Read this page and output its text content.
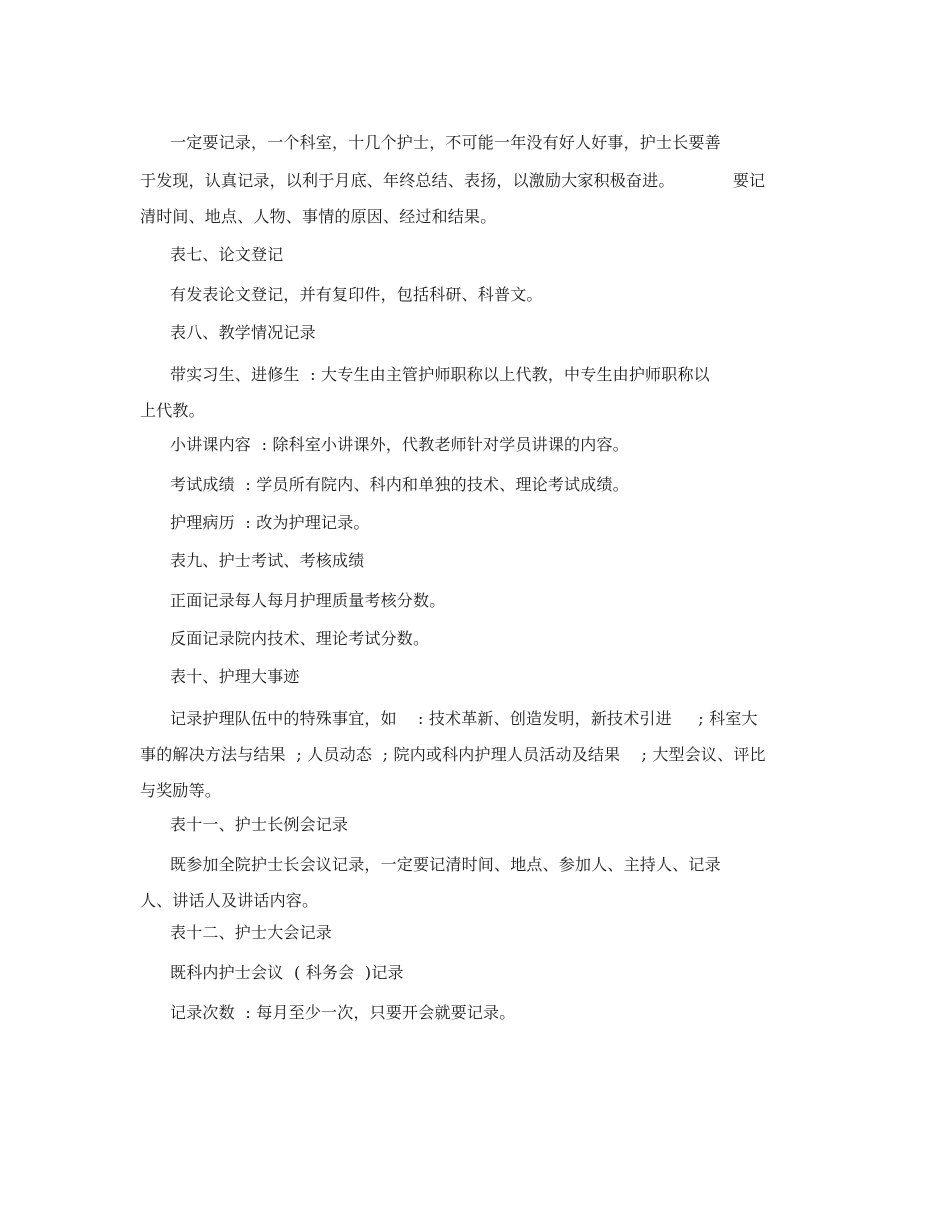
一定要记录，一个科室，十几个护士，不可能一年没有好人好事，护士长要善
于发现，认真记录，以利于月底、年终总结、表扬，以激励大家积极奋进。           要记
清时间、地点、人物、事情的原因、经过和结果。
表七、论文登记
有发表论文登记，并有复印件，包括科研、科普文。
表八、教学情况记录
带实习生、进修生  : 大专生由主管护师职称以上代教，中专生由护师职称以
上代教。
小讲课内容  : 除科室小讲课外，代教老师针对学员讲课的内容。
考试成绩  : 学员所有院内、科内和单独的技术、理论考试成绩。
护理病历  : 改为护理记录。
表九、护士考试、考核成绩
正面记录每人每月护理质量考核分数。
反面记录院内技术、理论考试分数。
表十、护理大事迹
记录护理队伍中的特殊事宜，如    : 技术革新、创造发明，新技术引进     ; 科室大
事的解决方法与结果  ; 人员动态  ; 院内或科内护理人员活动及结果    ; 大型会议、评比
与奖励等。
表十一、护士长例会记录
既参加全院护士长会议记录，一定要记清时间、地点、参加人、主持人、记录
人、讲话人及讲话内容。
表十二、护士大会记录
既科内护士会议  ( 科务会  )记录
记录次数  : 每月至少一次，只要开会就要记录。
